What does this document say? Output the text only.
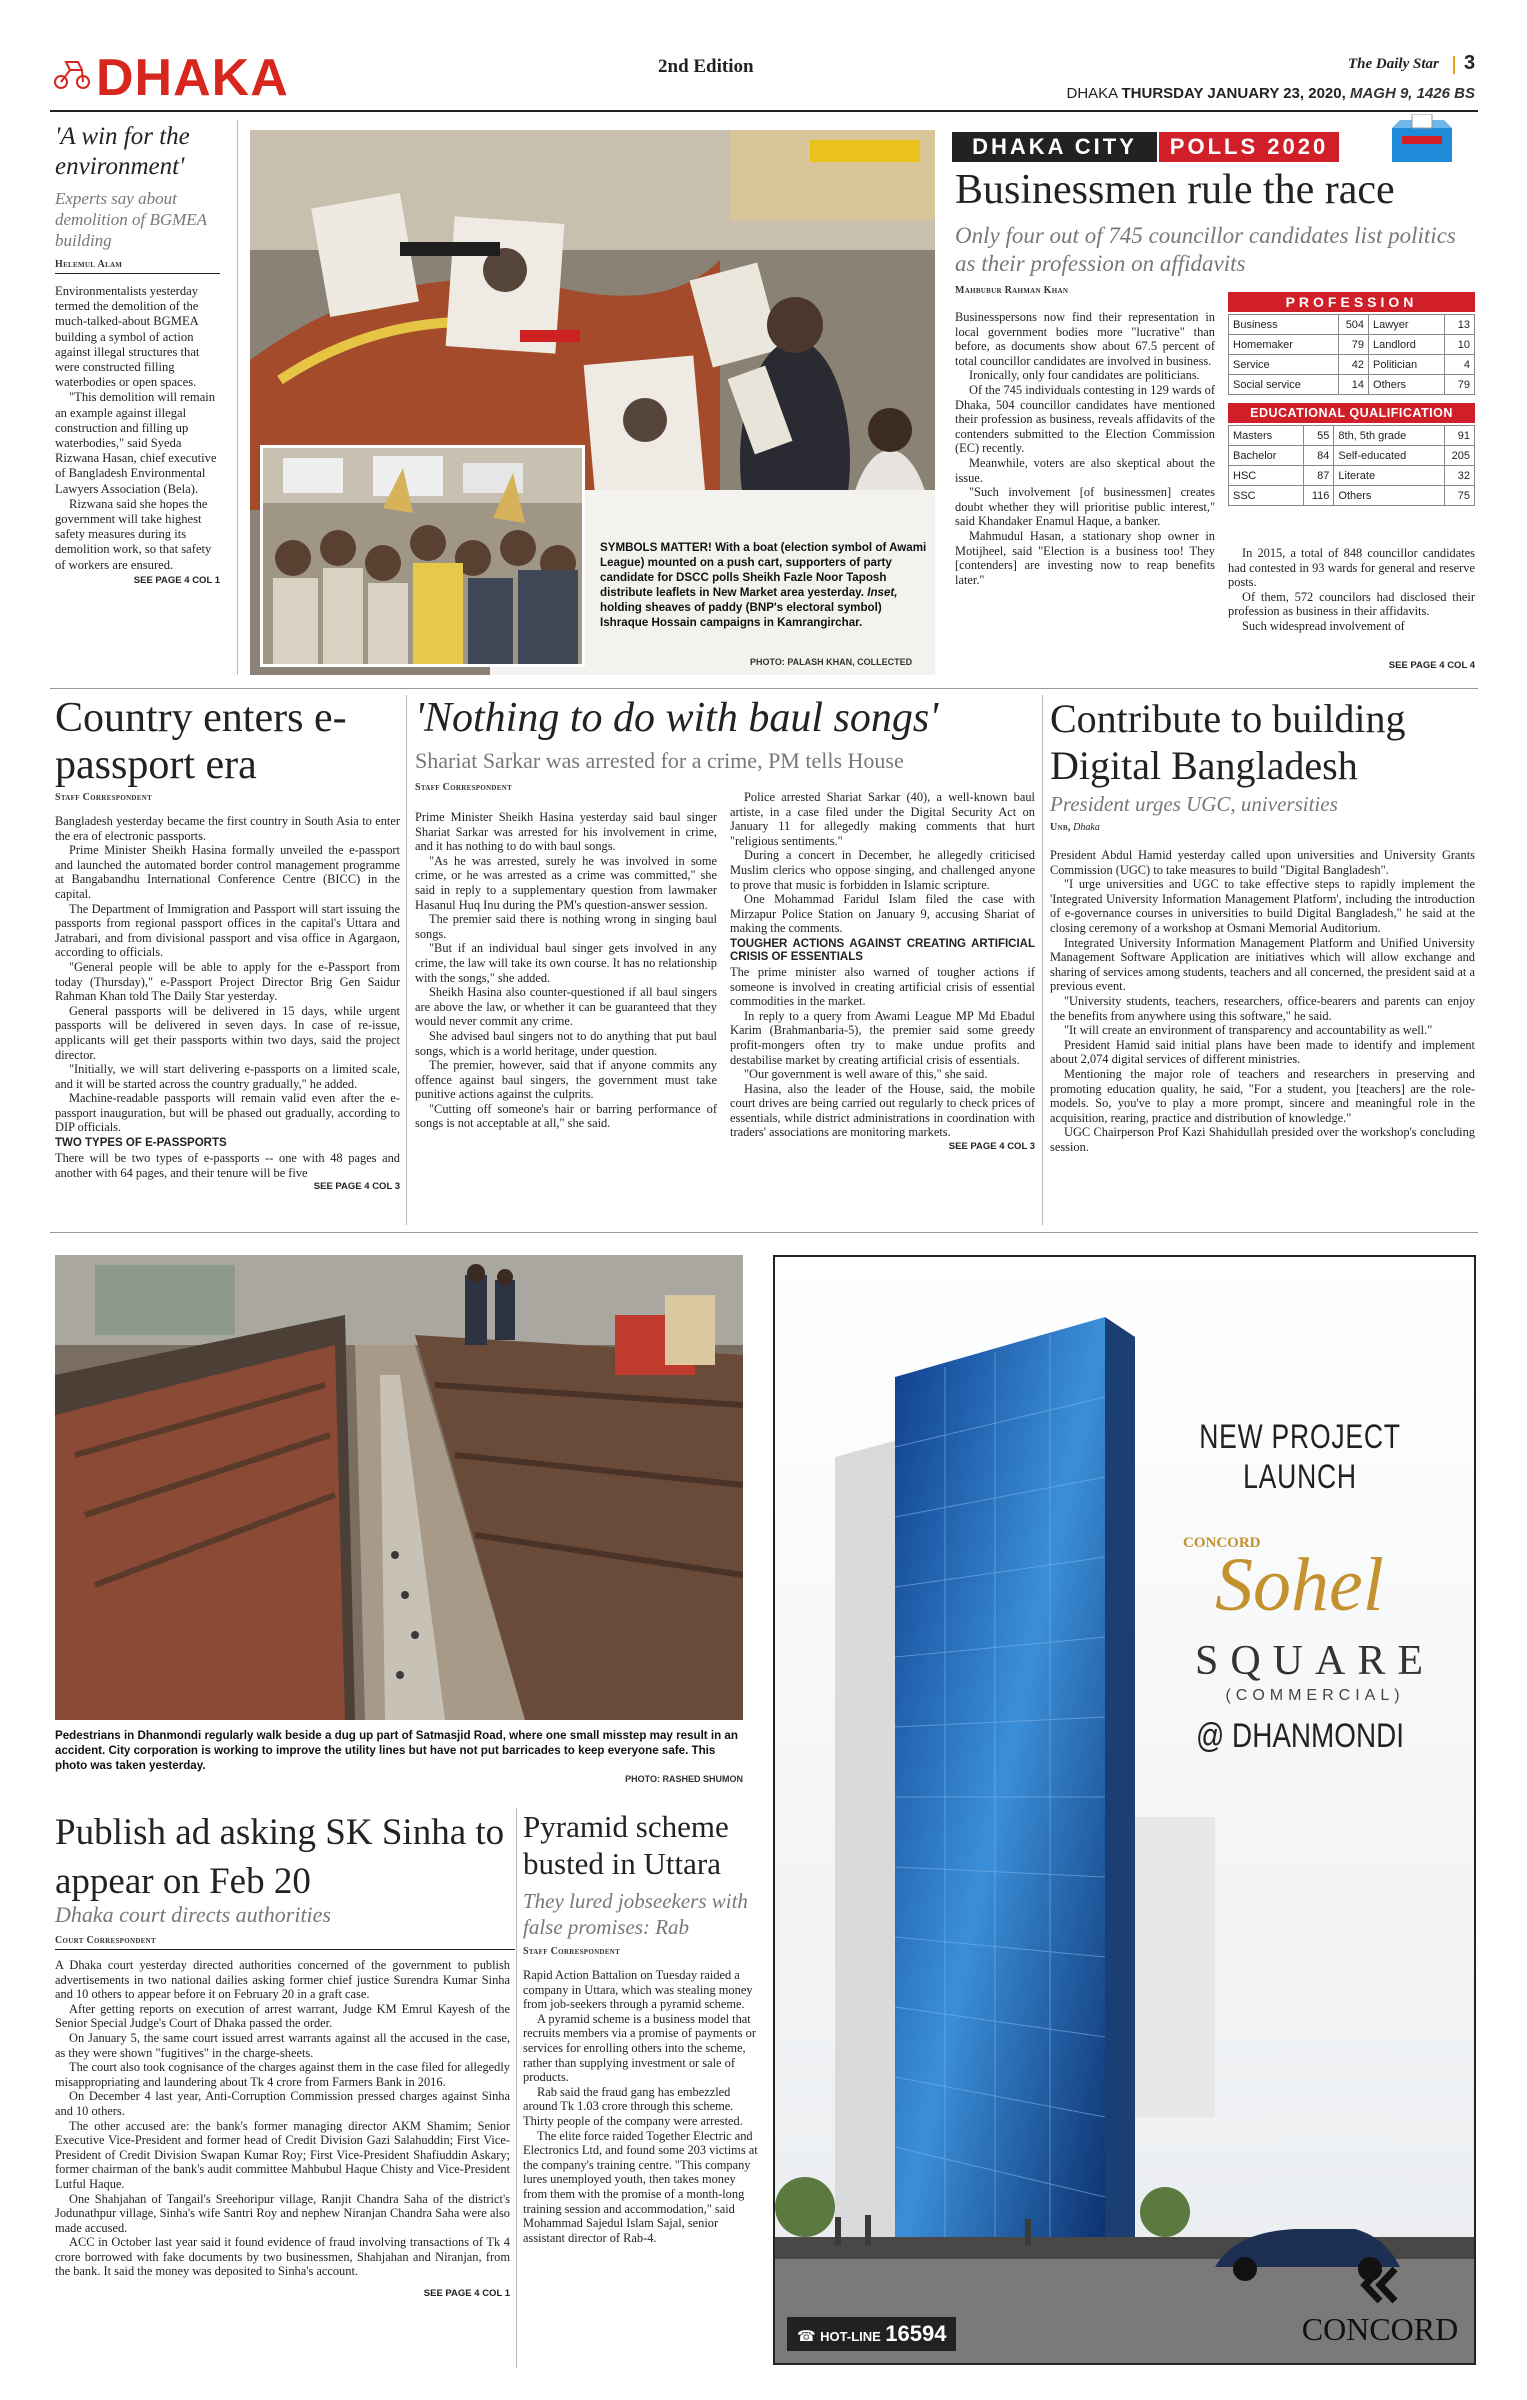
DHAKA	2nd Edition	The Daily Star 3
DHAKA THURSDAY JANUARY 23, 2020, MAGH 9, 1426 BS
'A win for the environment'
Experts say about demolition of BGMEA building
Helemul Alam

Environmentalists yesterday termed the demolition of the much-talked-about BGMEA building a symbol of action against illegal structures that were constructed filling waterbodies or open spaces.

"This demolition will remain an example against illegal construction and filling up waterbodies," said Syeda Rizwana Hasan, chief executive of Bangladesh Environmental Lawyers Association (Bela).

Rizwana said she hopes the government will take highest safety measures during its demolition work, so that safety of workers are ensured.

SEE PAGE 4 COL 1
SYMBOLS MATTER! With a boat (election symbol of Awami League) mounted on a push cart, supporters of party candidate for DSCC polls Sheikh Fazle Noor Taposh distribute leaflets in New Market area yesterday. Inset, holding sheaves of paddy (BNP's electoral symbol) Ishraque Hossain campaigns in Kamrangirchar.
PHOTO: PALASH KHAN, COLLECTED
DHAKA CITY	POLLS 2020
Businessmen rule the race
Only four out of 745 councillor candidates list politics as their profession on affidavits
Mahbubur Rahman Khan

Businesspersons now find their representation in local government bodies more "lucrative" than before, as documents show about 67.5 percent of total councillor candidates are involved in business.

Ironically, only four candidates are politicians.

Of the 745 individuals contesting in 129 wards of Dhaka, 504 councillor candidates have mentioned their profession as business, reveals affidavits of the contenders submitted to the Election Commission (EC) recently.

Meanwhile, voters are also skeptical about the issue.

"Such involvement [of businessmen] creates doubt whether they will prioritise public interest," said Khandaker Enamul Haque, a banker.

Mahmudul Hasan, a stationary shop owner in Motijheel, said "Election is a business too! They [contenders] are investing now to reap benefits later."

PROFESSION
Business	504	Lawyer	13
Homemaker	79	Landlord	10
Service	42	Politician	4
Social service	14	Others	79
EDUCATIONAL QUALIFICATION
Masters	55	8th, 5th grade	91
Bachelor	84	Self-educated	205
HSC	87	Literate	32
SSC	116	Others	75

In 2015, a total of 848 councillor candidates had contested in 93 wards for general and reserve posts.

Of them, 572 councilors had disclosed their profession as business in their affidavits.

Such widespread involvement of

SEE PAGE 4 COL 4
Country enters e-passport era
Staff Correspondent

Bangladesh yesterday became the first country in South Asia to enter the era of electronic passports.

Prime Minister Sheikh Hasina formally unveiled the e-passport and launched the automated border control management programme at Bangabandhu International Conference Centre (BICC) in the capital.

The Department of Immigration and Passport will start issuing the passports from regional passport offices in the capital's Uttara and Jatrabari, and from divisional passport and visa office in Agargaon, according to officials.

"General people will be able to apply for the e-Passport from today (Thursday)," e-Passport Project Director Brig Gen Saidur Rahman Khan told The Daily Star yesterday.

General passports will be delivered in 15 days, while urgent passports will be delivered in seven days. In case of re-issue, applicants will get their passports within two days, said the project director.

"Initially, we will start delivering e-passports on a limited scale, and it will be started across the country gradually," he added.

Machine-readable passports will remain valid even after the e-passport inauguration, but will be phased out gradually, according to DIP officials.

TWO TYPES OF E-PASSPORTS

There will be two types of e-passports -- one with 48 pages and another with 64 pages, and their tenure will be five

SEE PAGE 4 COL 3
'Nothing to do with baul songs'
Shariat Sarkar was arrested for a crime, PM tells House
Staff Correspondent

Prime Minister Sheikh Hasina yesterday said baul singer Shariat Sarkar was arrested for his involvement in crime, and it has nothing to do with baul songs.

"As he was arrested, surely he was involved in some crime, or he was arrested as a crime was committed," she said in reply to a supplementary question from lawmaker Hasanul Huq Inu during the PM's question-answer session.

The premier said there is nothing wrong in singing baul songs.

"But if an individual baul singer gets involved in any crime, the law will take its own course. It has no relationship with the songs," she added.

Sheikh Hasina also counter-questioned if all baul singers are above the law, or whether it can be guaranteed that they would never commit any crime.

She advised baul singers not to do anything that put baul songs, which is a world heritage, under question.

The premier, however, said that if anyone commits any offence against baul singers, the government must take punitive actions against the culprits.

"Cutting off someone's hair or barring performance of songs is not acceptable at all," she said.

Police arrested Shariat Sarkar (40), a well-known baul artiste, in a case filed under the Digital Security Act on January 11 for allegedly making comments that hurt "religious sentiments."

During a concert in December, he allegedly criticised Muslim clerics who oppose singing, and challenged anyone to prove that music is forbidden in Islamic scripture.

One Mohammad Faridul Islam filed the case with Mirzapur Police Station on January 9, accusing Shariat of making the comments.

TOUGHER ACTIONS AGAINST CREATING ARTIFICIAL CRISIS OF ESSENTIALS

The prime minister also warned of tougher actions if someone is involved in creating artificial crisis of essential commodities in the market.

In reply to a query from Awami League MP Md Ebadul Karim (Brahmanbaria-5), the premier said some greedy profit-mongers often try to make undue profits and destabilise market by creating artificial crisis of essentials.

"Our government is well aware of this," she said.

Hasina, also the leader of the House, said, the mobile court drives are being carried out regularly to check prices of essentials, while district administrations in coordination with traders' associations are monitoring markets.

SEE PAGE 4 COL 3
Contribute to building Digital Bangladesh
President urges UGC, universities
Unb, Dhaka

President Abdul Hamid yesterday called upon universities and University Grants Commission (UGC) to take measures to build "Digital Bangladesh".

"I urge universities and UGC to take effective steps to rapidly implement the 'Integrated University Information Management Platform', including the introduction of e-governance courses in universities to build Digital Bangladesh," he said at the closing ceremony of a workshop at Osmani Memorial Auditorium.

Integrated University Information Management Platform and Unified University Management Software Application are initiatives which will allow exchange and sharing of services among students, teachers and all concerned, the president said at a previous event.

"University students, teachers, researchers, office-bearers and parents can enjoy the benefits from anywhere using this software," he said.

"It will create an environment of transparency and accountability as well."

President Hamid said initial plans have been made to identify and implement about 2,074 digital services of different ministries.

Mentioning the major role of teachers and researchers in preserving and promoting education quality, he said, "For a student, you [teachers] are the role-models. So, you've to play a more prompt, sincere and meaningful role in the acquisition, rearing, practice and distribution of knowledge."

UGC Chairperson Prof Kazi Shahidullah presided over the workshop's concluding session.

Pedestrians in Dhanmondi regularly walk beside a dug up part of Satmasjid Road, where one small misstep may result in an accident. City corporation is working to improve the utility lines but have not put barricades to keep everyone safe. This photo was taken yesterday.
PHOTO: RASHED SHUMON
Publish ad asking SK Sinha to appear on Feb 20
Dhaka court directs authorities
Court Correspondent

A Dhaka court yesterday directed authorities concerned of the government to publish advertisements in two national dailies asking former chief justice Surendra Kumar Sinha and 10 others to appear before it on February 20 in a graft case.

After getting reports on execution of arrest warrant, Judge KM Emrul Kayesh of the Senior Special Judge's Court of Dhaka passed the order.

On January 5, the same court issued arrest warrants against all the accused in the case, as they were shown "fugitives" in the charge-sheets.

The court also took cognisance of the charges against them in the case filed for allegedly misappropriating and laundering about Tk 4 crore from Farmers Bank in 2016.

On December 4 last year, Anti-Corruption Commission pressed charges against Sinha and 10 others.

The other accused are: the bank's former managing director AKM Shamim; Senior Executive Vice-President and former head of Credit Division Gazi Salahuddin; First Vice-President of Credit Division Swapan Kumar Roy; First Vice-President Shafiuddin Askary; former chairman of the bank's audit committee Mahbubul Haque Chisty and Vice-President Lutful Haque.

One Shahjahan of Tangail's Sreehoripur village, Ranjit Chandra Saha of the district's Jodunathpur village, Sinha's wife Santri Roy and nephew Niranjan Chandra Saha were also made accused.

ACC in October last year said it found evidence of fraud involving transactions of Tk 4 crore borrowed with fake documents by two businessmen, Shahjahan and Niranjan, from the bank. It said the money was deposited to Sinha's account.

SEE PAGE 4 COL 1
Pyramid scheme busted in Uttara
They lured jobseekers with false promises: Rab
Staff Correspondent

Rapid Action Battalion on Tuesday raided a company in Uttara, which was stealing money from job-seekers through a pyramid scheme.

A pyramid scheme is a business model that recruits members via a promise of payments or services for enrolling others into the scheme, rather than supplying investment or sale of products.

Rab said the fraud gang has embezzled around Tk 1.03 crore through this scheme. Thirty people of the company were arrested.

The elite force raided Together Electric and Electronics Ltd, and found some 203 victims at the company's training centre. "This company lures unemployed youth, then takes money from them with the promise of a month-long training session and accommodation," said Mohammad Sajedul Islam Sajal, senior assistant director of Rab-4.

NEW PROJECT
LAUNCH
CONCORD
Sohel
SQUARE
(COMMERCIAL)
@ DHANMONDI
☎ HOT-LINE 16594	CONCORD
